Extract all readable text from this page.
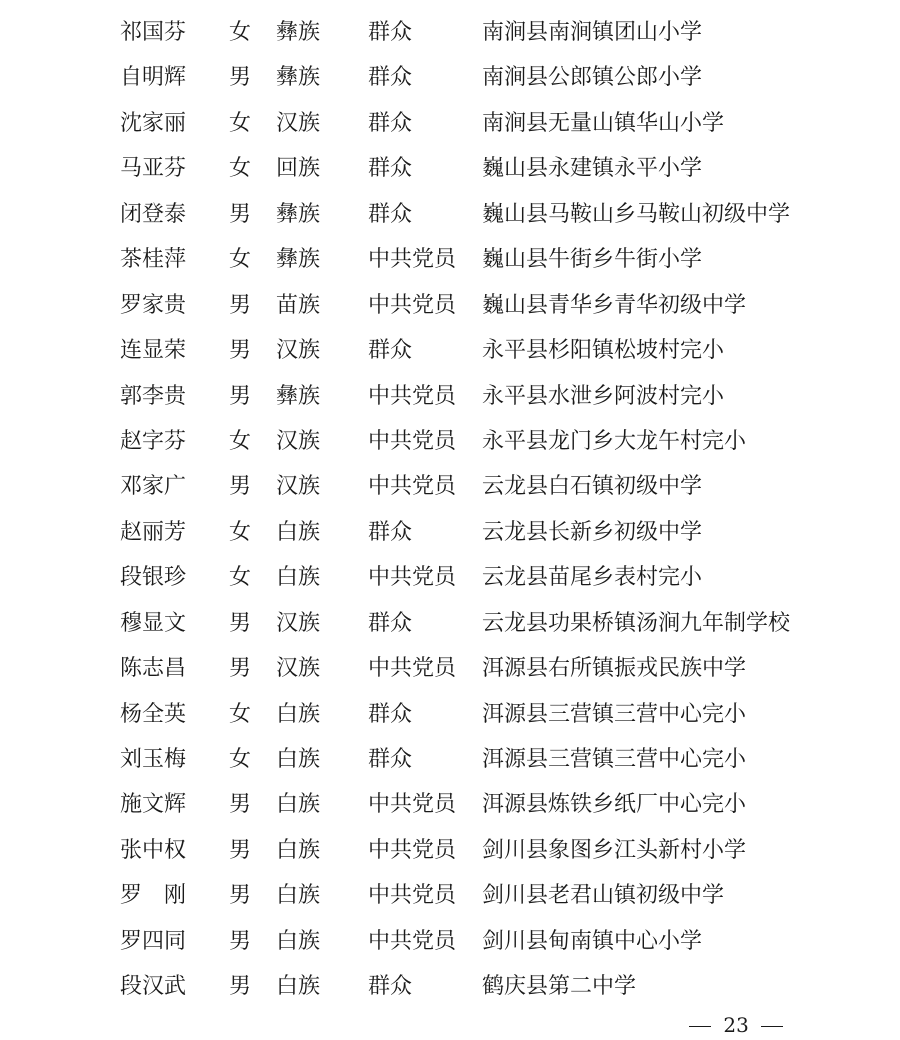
祁国芬 女 彝族 群众	南涧县南涧镇团山小学
自明辉 男 彝族 群众	南涧县公郎镇公郎小学
沈家丽 女 汉族 群众	南涧县无量山镇华山小学
马亚芬 女 回族 群众	巍山县永建镇永平小学
闭登泰 男 彝族 群众	巍山县马鞍山乡马鞍山初级中学
茶桂萍 女 彝族 中共党员 巍山县牛街乡牛街小学
罗家贵 男 苗族 中共党员 巍山县青华乡青华初级中学
连显荣 男 汉族 群众	永平县杉阳镇松坡村完小
郭李贵 男 彝族 中共党员 永平县水泄乡阿波村完小
赵字芬 女 汉族 中共党员 永平县龙门乡大龙午村完小
邓家广 男 汉族 中共党员 云龙县白石镇初级中学
赵丽芳 女 白族 群众	云龙县长新乡初级中学
段银珍 女 白族 中共党员 云龙县苗尾乡表村完小
穆显文 男 汉族 群众	云龙县功果桥镇汤涧九年制学校
陈志昌 男 汉族 中共党员 洱源县右所镇振戎民族中学
杨全英 女 白族 群众	洱源县三营镇三营中心完小
刘玉梅 女 白族 群众	洱源县三营镇三营中心完小
施文辉 男 白族 中共党员 洱源县炼铁乡纸厂中心完小
张中权 男 白族 中共党员 剑川县象图乡江头新村小学
罗　刚 男 白族 中共党员 剑川县老君山镇初级中学
罗四同 男 白族 中共党员 剑川县甸南镇中心小学
段汉武 男 白族 群众	鹤庆县第二中学
23
